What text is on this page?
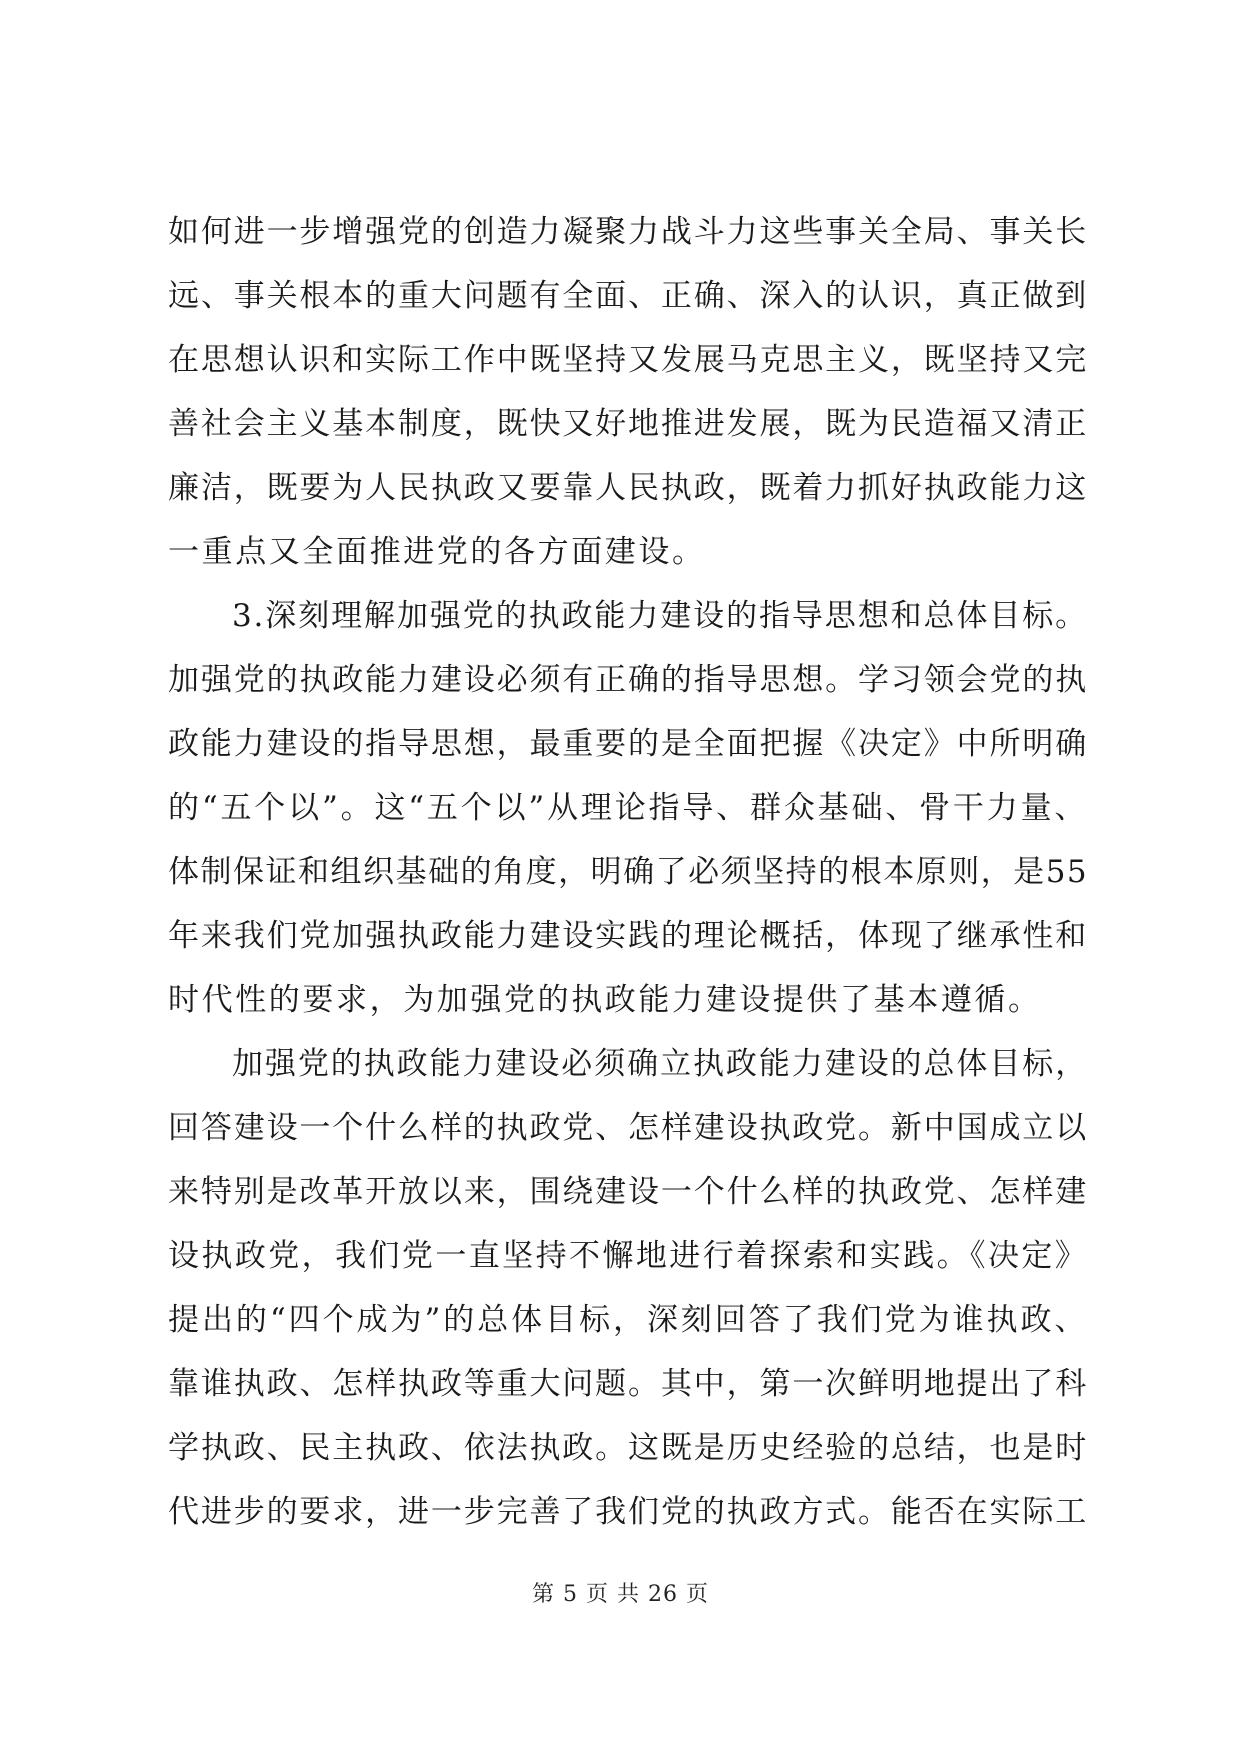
如何进一步增强党的创造力凝聚力战斗力这些事关全局、事关长
远、事关根本的重大问题有全面、正确、深入的认识，真正做到
在思想认识和实际工作中既坚持又发展马克思主义，既坚持又完
善社会主义基本制度，既快又好地推进发展，既为民造福又清正
廉洁，既要为人民执政又要靠人民执政，既着力抓好执政能力这
一重点又全面推进党的各方面建设。
3.深刻理解加强党的执政能力建设的指导思想和总体目标。
加强党的执政能力建设必须有正确的指导思想。学习领会党的执
政能力建设的指导思想，最重要的是全面把握《决定》中所明确
的“五个以”。这“五个以”从理论指导、群众基础、骨干力量、
体制保证和组织基础的角度，明确了必须坚持的根本原则，是55
年来我们党加强执政能力建设实践的理论概括，体现了继承性和
时代性的要求，为加强党的执政能力建设提供了基本遵循。
加强党的执政能力建设必须确立执政能力建设的总体目标，
回答建设一个什么样的执政党、怎样建设执政党。新中国成立以
来特别是改革开放以来，围绕建设一个什么样的执政党、怎样建
设执政党，我们党一直坚持不懈地进行着探索和实践。《决定》
提出的“四个成为”的总体目标，深刻回答了我们党为谁执政、
靠谁执政、怎样执政等重大问题。其中，第一次鲜明地提出了科
学执政、民主执政、依法执政。这既是历史经验的总结，也是时
代进步的要求，进一步完善了我们党的执政方式。能否在实际工
第 5 页 共 26 页
